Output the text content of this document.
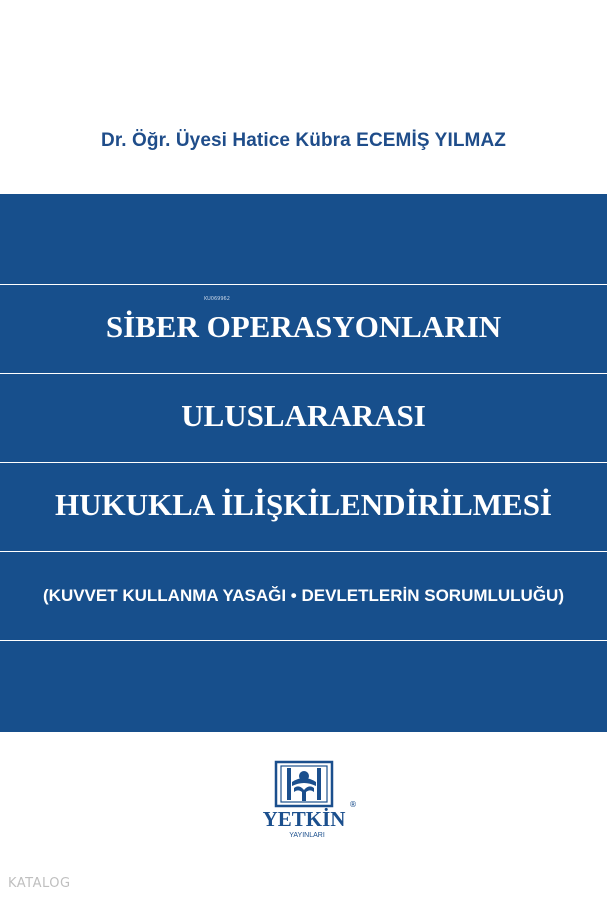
Dr. Öğr. Üyesi Hatice Kübra ECEMİŞ YILMAZ
KU069962
SİBER OPERASYONLARIN
ULUSLARARASI
HUKUKLA İLİŞKİLENDİRİLMESİ
(KUVVET KULLANMA YASAĞI • DEVLETLERİN SORUMLULUĞU)
YETKİN
®
YAYINLARI
KATALOG
